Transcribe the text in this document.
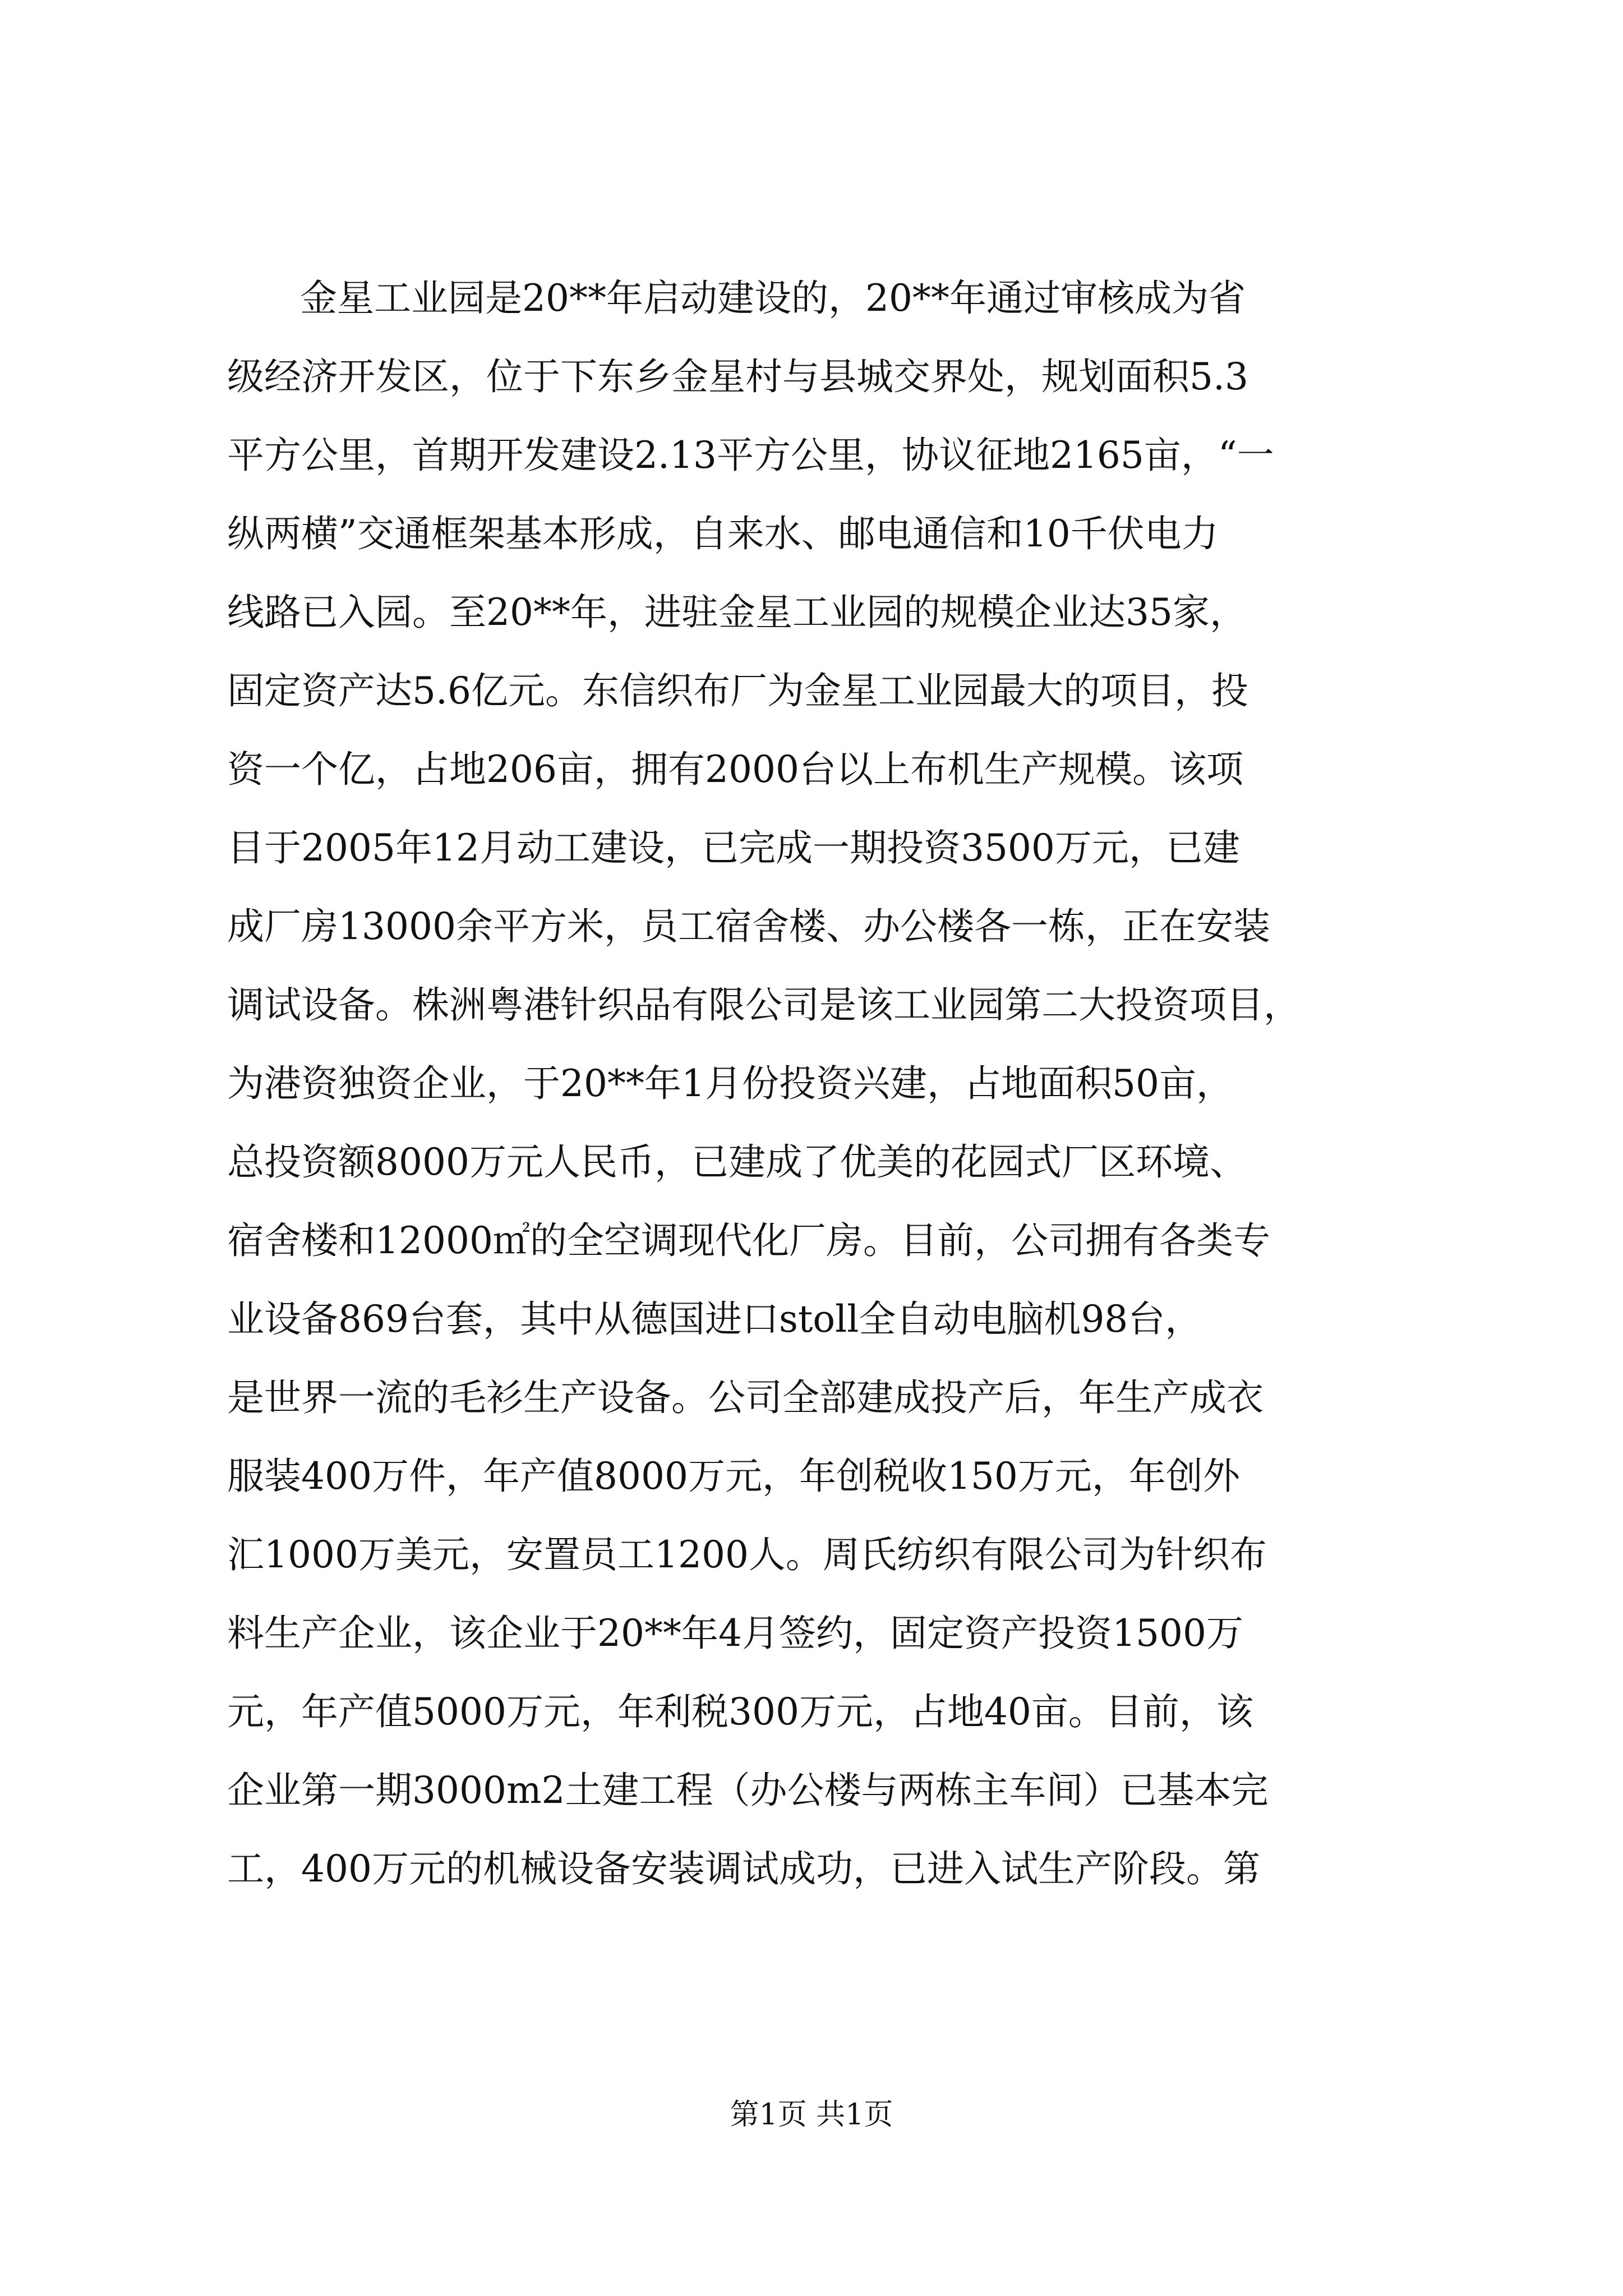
金星工业园是20**年启动建设的，20**年通过审核成为省
级经济开发区，位于下东乡金星村与县城交界处，规划面积5.3
平方公里，首期开发建设2.13平方公里，协议征地2165亩，“一
纵两横”交通框架基本形成，自来水、邮电通信和10千伏电力
线路已入园。至20**年，进驻金星工业园的规模企业达35家，
固定资产达5.6亿元。东信织布厂为金星工业园最大的项目，投
资一个亿，占地206亩，拥有2000台以上布机生产规模。该项
目于2005年12月动工建设，已完成一期投资3500万元，已建
成厂房13000余平方米，员工宿舍楼、办公楼各一栋，正在安装
调试设备。株洲粤港针织品有限公司是该工业园第二大投资项目，
为港资独资企业，于20**年1月份投资兴建，占地面积50亩，
总投资额8000万元人民币，已建成了优美的花园式厂区环境、
宿舍楼和12000㎡的全空调现代化厂房。目前，公司拥有各类专
业设备869台套，其中从德国进口stoll全自动电脑机98台，
是世界一流的毛衫生产设备。公司全部建成投产后，年生产成衣
服装400万件，年产值8000万元，年创税收150万元，年创外
汇1000万美元，安置员工1200人。周氏纺织有限公司为针织布
料生产企业，该企业于20**年4月签约，固定资产投资1500万
元，年产值5000万元，年利税300万元，占地40亩。目前，该
企业第一期3000m2土建工程（办公楼与两栋主车间）已基本完
工，400万元的机械设备安装调试成功，已进入试生产阶段。第
第1页 共1页
